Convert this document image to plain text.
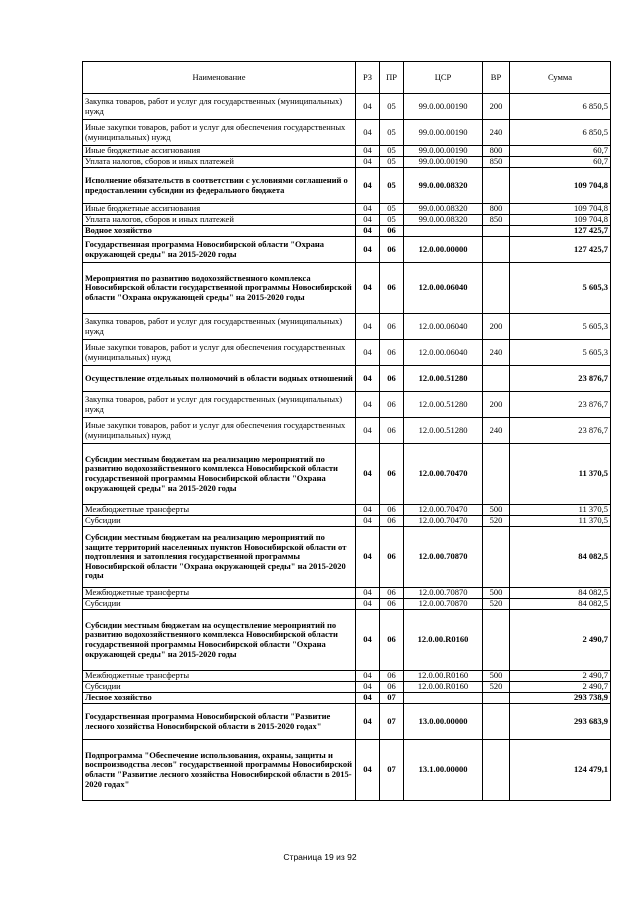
Наименование	РЗ	ПР	ЦСР	ВР	Сумма
Закупка товаров, работ и услуг для государственных (муниципальных) нужд	04	05	99.0.00.00190	200	6 850,5
Иные закупки товаров, работ и услуг для обеспечения государственных (муниципальных) нужд	04	05	99.0.00.00190	240	6 850,5
Иные бюджетные ассигнования	04	05	99.0.00.00190	800	60,7
Уплата налогов, сборов и иных платежей	04	05	99.0.00.00190	850	60,7
Исполнение обязательств в соответствии с условиями соглашений о предоставлении субсидии из федерального бюджета	04	05	99.0.00.08320		109 704,8
Иные бюджетные ассигнования	04	05	99.0.00.08320	800	109 704,8
Уплата налогов, сборов и иных платежей	04	05	99.0.00.08320	850	109 704,8
Водное хозяйство	04	06			127 425,7
Государственная программа Новосибирской области "Охрана окружающей среды" на 2015-2020 годы	04	06	12.0.00.00000		127 425,7
Мероприятия по развитию водохозяйственного комплекса Новосибирской области государственной программы Новосибирской области "Охрана окружающей среды" на 2015-2020 годы	04	06	12.0.00.06040		5 605,3
Закупка товаров, работ и услуг для государственных (муниципальных) нужд	04	06	12.0.00.06040	200	5 605,3
Иные закупки товаров, работ и услуг для обеспечения государственных (муниципальных) нужд	04	06	12.0.00.06040	240	5 605,3
Осуществление отдельных полномочий в области водных отношений	04	06	12.0.00.51280		23 876,7
Закупка товаров, работ и услуг для государственных (муниципальных) нужд	04	06	12.0.00.51280	200	23 876,7
Иные закупки товаров, работ и услуг для обеспечения государственных (муниципальных) нужд	04	06	12.0.00.51280	240	23 876,7
Субсидии местным бюджетам на реализацию мероприятий по развитию водохозяйственного комплекса Новосибирской области государственной программы Новосибирской области "Охрана окружающей среды" на 2015-2020 годы	04	06	12.0.00.70470		11 370,5
Межбюджетные трансферты	04	06	12.0.00.70470	500	11 370,5
Субсидии	04	06	12.0.00.70470	520	11 370,5
Субсидии местным бюджетам на реализацию мероприятий по защите территорий населенных пунктов Новосибирской области от подтопления и затопления государственной программы Новосибирской области "Охрана окружающей среды" на 2015-2020 годы	04	06	12.0.00.70870		84 082,5
Межбюджетные трансферты	04	06	12.0.00.70870	500	84 082,5
Субсидии	04	06	12.0.00.70870	520	84 082,5
Субсидии местным бюджетам на осуществление мероприятий по развитию водохозяйственного комплекса Новосибирской области государственной программы Новосибирской области "Охрана окружающей среды" на 2015-2020 годы	04	06	12.0.00.R0160		2 490,7
Межбюджетные трансферты	04	06	12.0.00.R0160	500	2 490,7
Субсидии	04	06	12.0.00.R0160	520	2 490,7
Лесное хозяйство	04	07			293 738,9
Государственная программа Новосибирской области "Развитие лесного хозяйства Новосибирской области в 2015-2020 годах"	04	07	13.0.00.00000		293 683,9
Подпрограмма "Обеспечение использования, охраны, защиты и воспроизводства лесов" государственной программы Новосибирской области "Развитие лесного хозяйства Новосибирской области в 2015-2020 годах"	04	07	13.1.00.00000		124 479,1
Страница 19 из 92
